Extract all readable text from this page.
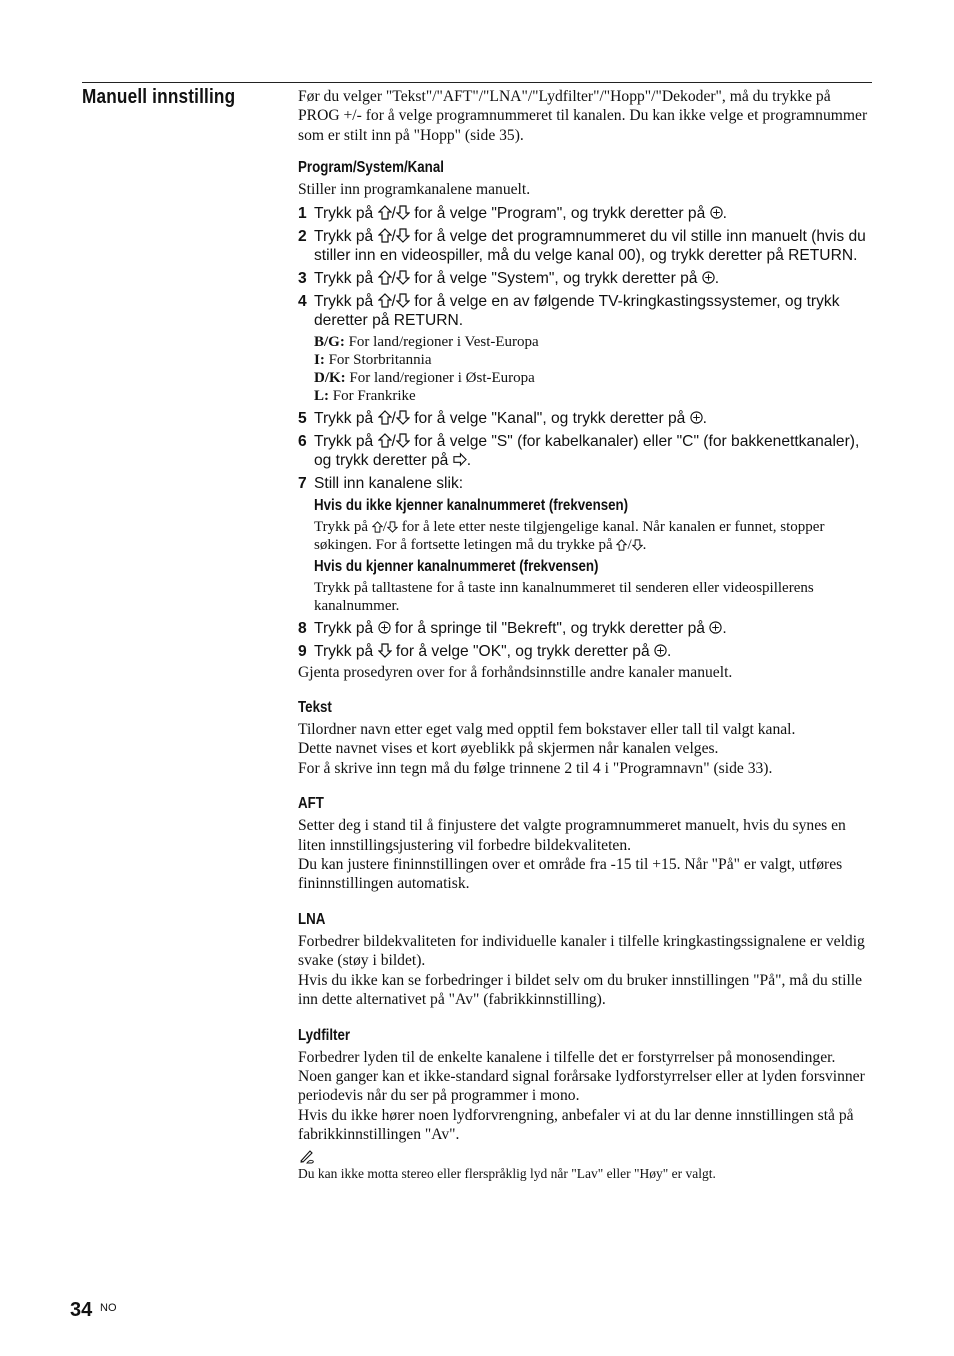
Manuell innstilling	Før du velger "Tekst"/"AFT"/"LNA"/"Lydfilter"/"Hopp"/"Dekoder", må du trykke på PROG +/- for å velge programnummeret til kanalen. Du kan ikke velge et programnummer som er stilt inn på "Hopp" (side 35).

Program/System/Kanal

Stiller inn programkanalene manuelt.

1 Trykk på / for å velge "Program", og trykk deretter på .
2 Trykk på / for å velge det programnummeret du vil stille inn manuelt (hvis du stiller inn en videospiller, må du velge kanal 00), og trykk deretter på RETURN.
3 Trykk på / for å velge "System", og trykk deretter på .
4 Trykk på / for å velge en av følgende TV-kringkastingssystemer, og trykk deretter på RETURN.
B/G: For land/regioner i Vest-Europa
I: For Storbritannia
D/K: For land/regioner i Øst-Europa
L: For Frankrike
5 Trykk på / for å velge "Kanal", og trykk deretter på .
6 Trykk på / for å velge "S" (for kabelkanaler) eller "C" (for bakkenettkanaler), og trykk deretter på .
7 Still inn kanalene slik:
Hvis du ikke kjenner kanalnummeret (frekvensen)
Trykk på / for å lete etter neste tilgjengelige kanal. Når kanalen er funnet, stopper søkingen. For å fortsette letingen må du trykke på / .
Hvis du kjenner kanalnummeret (frekvensen)
Trykk på talltastene for å taste inn kanalnummeret til senderen eller videospillerens kanalnummer.
8 Trykk på  for å springe til "Bekreft", og trykk deretter på .
9 Trykk på  for å velge "OK", og trykk deretter på .

Gjenta prosedyren over for å forhåndsinnstille andre kanaler manuelt.

Tekst

Tilordner navn etter eget valg med opptil fem bokstaver eller tall til valgt kanal.

Dette navnet vises et kort øyeblikk på skjermen når kanalen velges.

For å skrive inn tegn må du følge trinnene 2 til 4 i "Programnavn" (side 33).

AFT

Setter deg i stand til å finjustere det valgte programnummeret manuelt, hvis du synes en liten innstillingsjustering vil forbedre bildekvaliteten.

Du kan justere fininnstillingen over et område fra -15 til +15. Når "På" er valgt, utføres fininnstillingen automatisk.

LNA

Forbedrer bildekvaliteten for individuelle kanaler i tilfelle kringkastingssignalene er veldig svake (støy i bildet).

Hvis du ikke kan se forbedringer i bildet selv om du bruker innstillingen "På", må du stille inn dette alternativet på "Av" (fabrikkinnstilling).

Lydfilter

Forbedrer lyden til de enkelte kanalene i tilfelle det er forstyrrelser på monosendinger. Noen ganger kan et ikke-standard signal forårsake lydforstyrrelser eller at lyden forsvinner periodevis når du ser på programmer i mono.

Hvis du ikke hører noen lydforvrengning, anbefaler vi at du lar denne innstillingen stå på fabrikkinnstillingen "Av".

Du kan ikke motta stereo eller flerspråklig lyd når "Lav" eller "Høy" er valgt.

34 NO
